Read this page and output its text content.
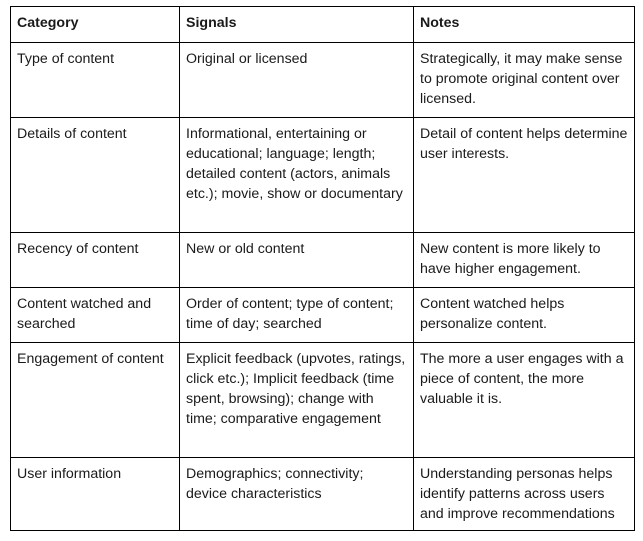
Category	Signals	Notes
Type of content	Original or licensed	Strategically, it may make sense to promote original content over licensed.
Details of content	Informational, entertaining or educational; language; length; detailed content (actors, animals etc.); movie, show or documentary	Detail of content helps determine user interests.
Recency of content	New or old content	New content is more likely to have higher engagement.
Content watched and searched	Order of content; type of content; time of day; searched	Content watched helps personalize content.
Engagement of content	Explicit feedback (upvotes, ratings, click etc.); Implicit feedback (time spent, browsing); change with time; comparative engagement	The more a user engages with a piece of content, the more valuable it is.
User information	Demographics; connectivity; device characteristics	Understanding personas helps identify patterns across users and improve recommendations
